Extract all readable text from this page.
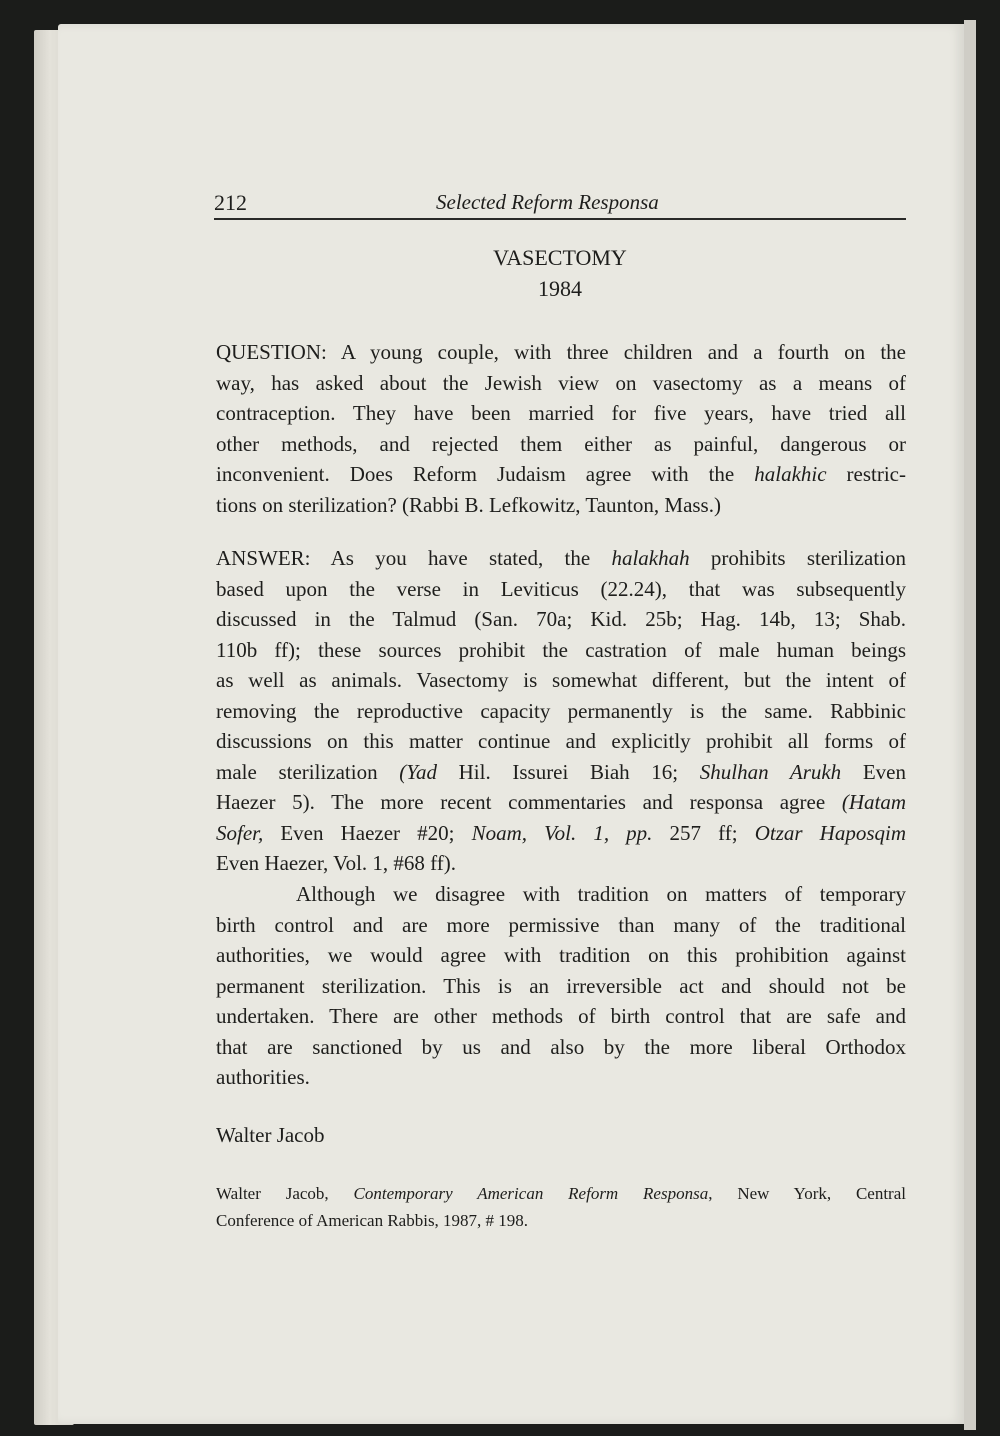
212	Selected Reform Responsa
VASECTOMY
1984
QUESTION: A young couple, with three children and a fourth on the
way, has asked about the Jewish view on vasectomy as a means of
contraception. They have been married for five years, have tried all
other methods, and rejected them either as painful, dangerous or
inconvenient. Does Reform Judaism agree with the halakhic restric-
tions on sterilization? (Rabbi B. Lefkowitz, Taunton, Mass.)
ANSWER: As you have stated, the halakhah prohibits sterilization
based upon the verse in Leviticus (22.24), that was subsequently
discussed in the Talmud (San. 70a; Kid. 25b; Hag. 14b, 13; Shab.
110b ff); these sources prohibit the castration of male human beings
as well as animals. Vasectomy is somewhat different, but the intent of
removing the reproductive capacity permanently is the same. Rabbinic
discussions on this matter continue and explicitly prohibit all forms of
male sterilization (Yad Hil. Issurei Biah 16; Shulhan Arukh Even
Haezer 5). The more recent commentaries and responsa agree (Hatam
Sofer, Even Haezer #20; Noam, Vol. 1, pp. 257 ff; Otzar Haposqim
Even Haezer, Vol. 1, #68 ff).
Although we disagree with tradition on matters of temporary
birth control and are more permissive than many of the traditional
authorities, we would agree with tradition on this prohibition against
permanent sterilization. This is an irreversible act and should not be
undertaken. There are other methods of birth control that are safe and
that are sanctioned by us and also by the more liberal Orthodox
authorities.
Walter Jacob
Walter Jacob, Contemporary American Reform Responsa, New York, Central
Conference of American Rabbis, 1987, # 198.
